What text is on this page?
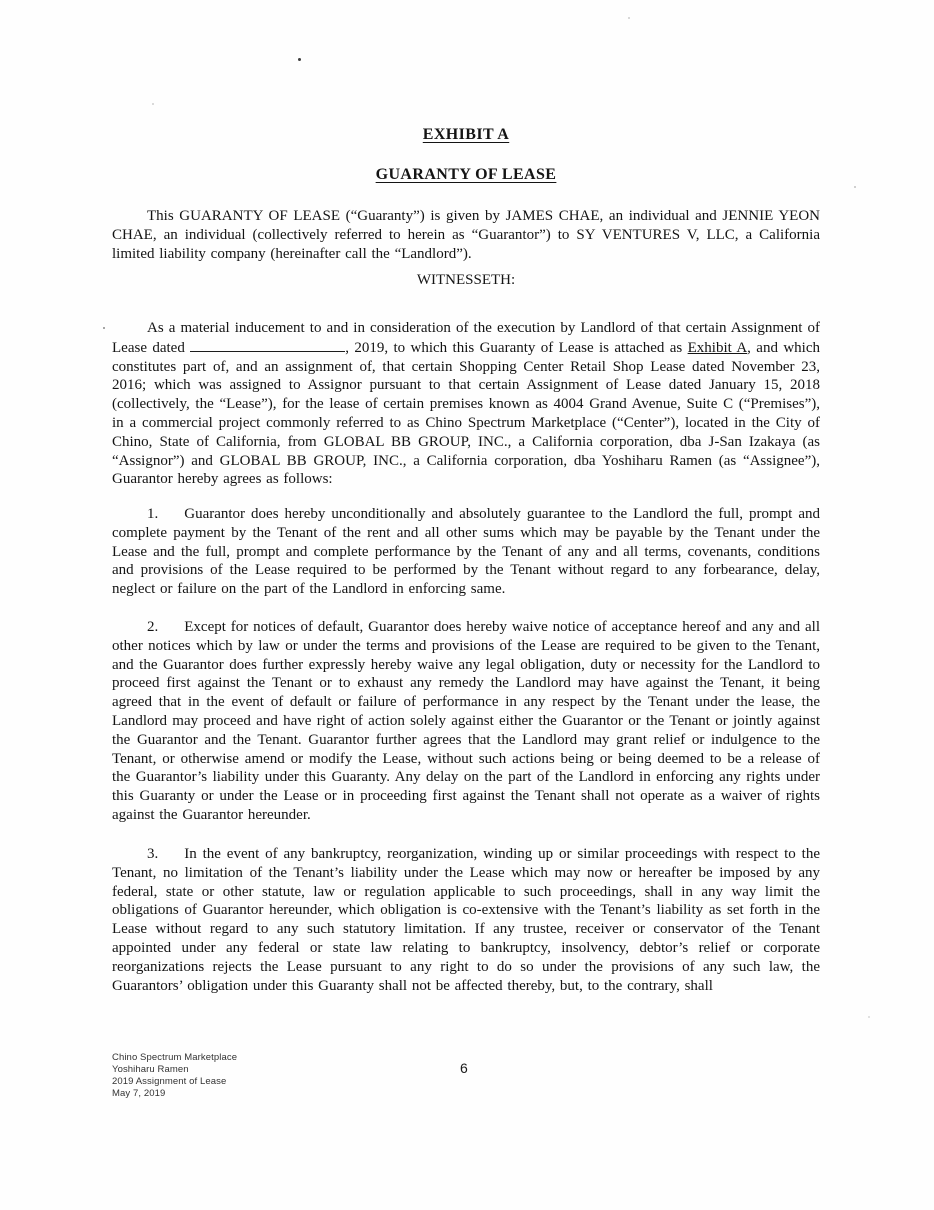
EXHIBIT A
GUARANTY OF LEASE

This GUARANTY OF LEASE (“Guaranty”) is given by JAMES CHAE, an individual and JENNIE YEON CHAE, an individual (collectively referred to herein as “Guarantor”) to SY VENTURES V, LLC, a California limited liability company (hereinafter call the “Landlord”).

WITNESSETH:

As a material inducement to and in consideration of the execution by Landlord of that certain Assignment of Lease dated	, 2019, to which this Guaranty of Lease is attached as Exhibit A, and which constitutes part of, and an assignment of, that certain Shopping Center Retail Shop Lease dated November 23, 2016; which was assigned to Assignor pursuant to that certain Assignment of Lease dated January 15, 2018 (collectively, the “Lease”), for the lease of certain premises known as 4004 Grand Avenue, Suite C (“Premises”), in a commercial project commonly referred to as Chino Spectrum Marketplace (“Center”), located in the City of Chino, State of California, from GLOBAL BB GROUP, INC., a California corporation, dba J-San Izakaya (as “Assignor”) and GLOBAL BB GROUP, INC., a California corporation, dba Yoshiharu Ramen (as “Assignee”), Guarantor hereby agrees as follows:

1. Guarantor does hereby unconditionally and absolutely guarantee to the Landlord the full, prompt and complete payment by the Tenant of the rent and all other sums which may be payable by the Tenant under the Lease and the full, prompt and complete performance by the Tenant of any and all terms, covenants, conditions and provisions of the Lease required to be performed by the Tenant without regard to any forbearance, delay, neglect or failure on the part of the Landlord in enforcing same.

2. Except for notices of default, Guarantor does hereby waive notice of acceptance hereof and any and all other notices which by law or under the terms and provisions of the Lease are required to be given to the Tenant, and the Guarantor does further expressly hereby waive any legal obligation, duty or necessity for the Landlord to proceed first against the Tenant or to exhaust any remedy the Landlord may have against the Tenant, it being agreed that in the event of default or failure of performance in any respect by the Tenant under the lease, the Landlord may proceed and have right of action solely against either the Guarantor or the Tenant or jointly against the Guarantor and the Tenant. Guarantor further agrees that the Landlord may grant relief or indulgence to the Tenant, or otherwise amend or modify the Lease, without such actions being or being deemed to be a release of the Guarantor’s liability under this Guaranty. Any delay on the part of the Landlord in enforcing any rights under this Guaranty or under the Lease or in proceeding first against the Tenant shall not operate as a waiver of rights against the Guarantor hereunder.

3. In the event of any bankruptcy, reorganization, winding up or similar proceedings with respect to the Tenant, no limitation of the Tenant’s liability under the Lease which may now or hereafter be imposed by any federal, state or other statute, law or regulation applicable to such proceedings, shall in any way limit the obligations of Guarantor hereunder, which obligation is co-extensive with the Tenant’s liability as set forth in the Lease without regard to any such statutory limitation. If any trustee, receiver or conservator of the Tenant appointed under any federal or state law relating to bankruptcy, insolvency, debtor’s relief or corporate reorganizations rejects the Lease pursuant to any right to do so under the provisions of any such law, the Guarantors’ obligation under this Guaranty shall not be affected thereby, but, to the contrary, shall

Chino Spectrum Marketplace
Yoshiharu Ramen
2019 Assignment of Lease
May 7, 2019
6
